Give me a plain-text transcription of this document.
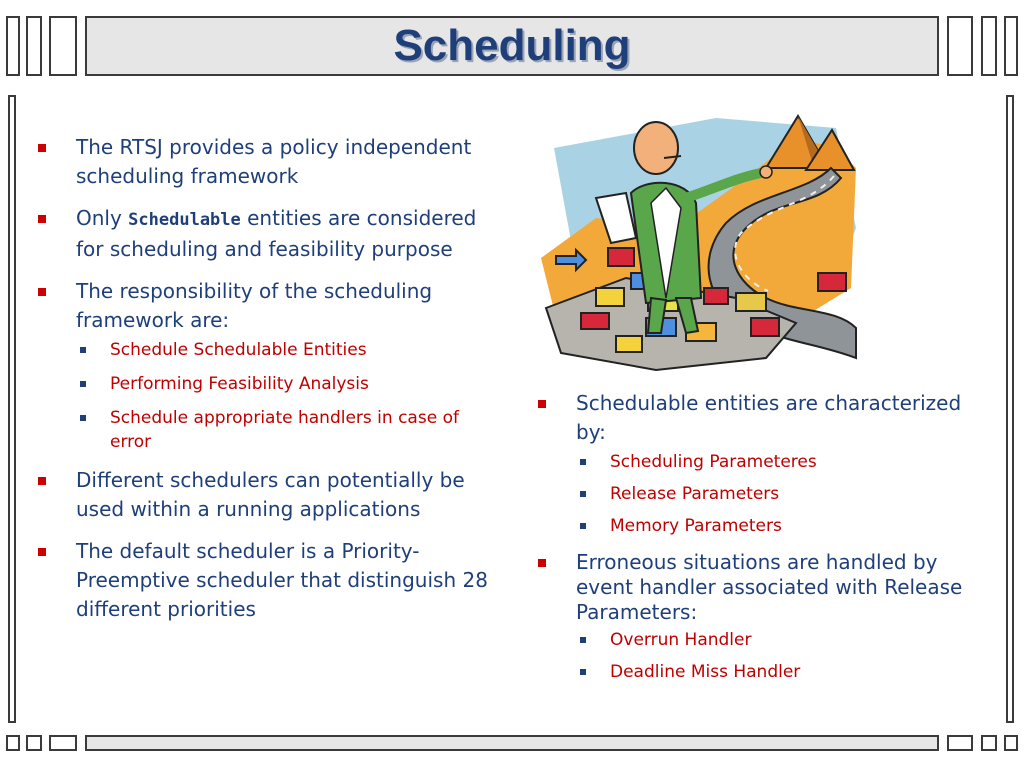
Scheduling
The RTSJ provides a policy independent scheduling framework
Only Schedulable entities are considered for scheduling and feasibility purpose
The responsibility of the scheduling framework are:
Schedule Schedulable Entities
Performing Feasibility Analysis
Schedule appropriate handlers in case of error
Different schedulers can potentially be used within a running applications
The default scheduler is a Priority-Preemptive scheduler that distinguish 28 different priorities
Schedulable entities are characterized by:
Scheduling Parameteres
Release Parameters
Memory Parameters
Erroneous situations are handled by event handler associated with Release Parameters:
Overrun Handler
Deadline Miss Handler
